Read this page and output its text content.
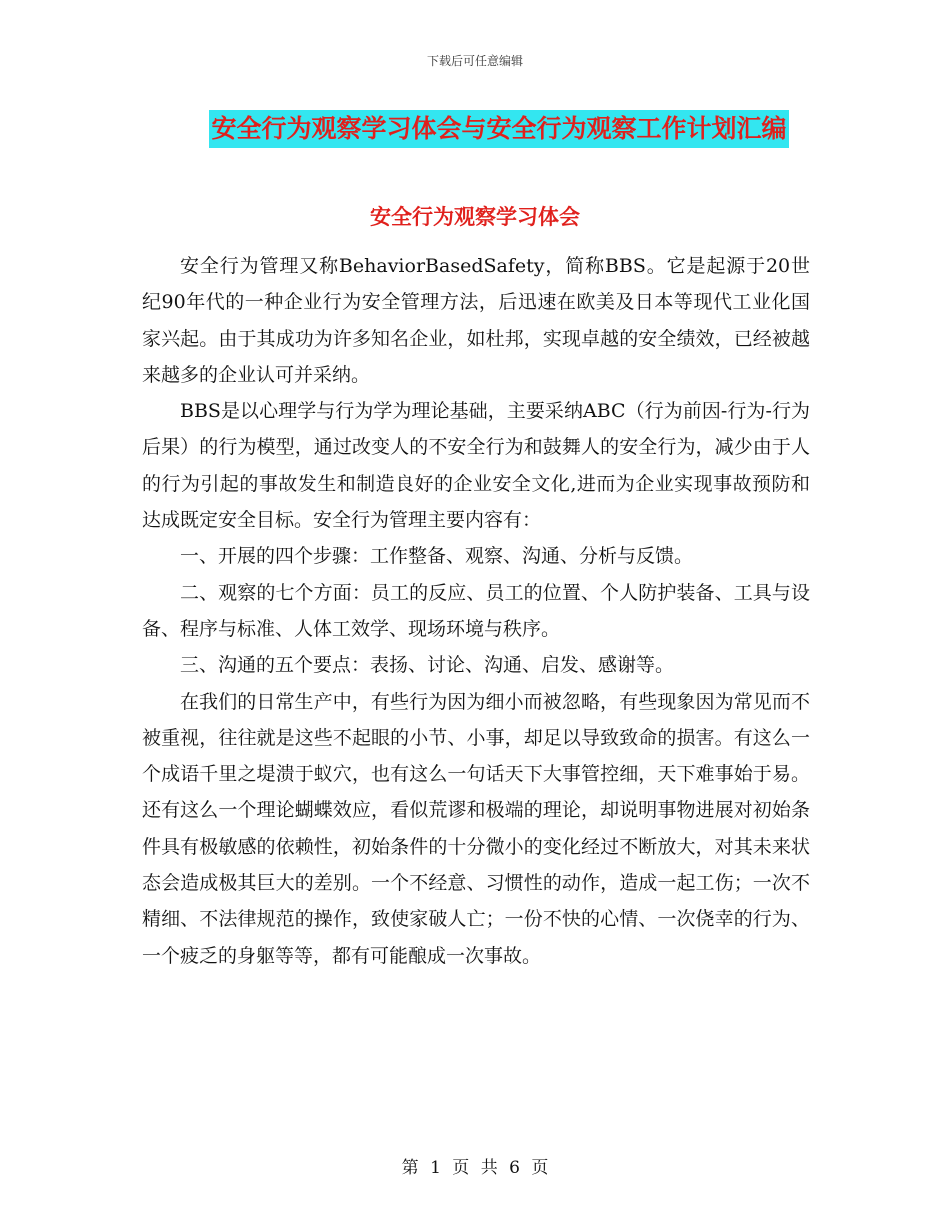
下载后可任意编辑
安全行为观察学习体会与安全行为观察工作计划汇编
安全行为观察学习体会

安全行为管理又称BehaviorBasedSafety，简称BBS。它是起源于20世纪90年代的一种企业行为安全管理方法，后迅速在欧美及日本等现代工业化国家兴起。由于其成功为许多知名企业，如杜邦，实现卓越的安全绩效，已经被越来越多的企业认可并采纳。

BBS是以心理学与行为学为理论基础，主要采纳ABC（行为前因-行为-行为后果）的行为模型，通过改变人的不安全行为和鼓舞人的安全行为，减少由于人的行为引起的事故发生和制造良好的企业安全文化,进而为企业实现事故预防和达成既定安全目标。安全行为管理主要内容有：

一、开展的四个步骤：工作整备、观察、沟通、分析与反馈。

二、观察的七个方面：员工的反应、员工的位置、个人防护装备、工具与设备、程序与标准、人体工效学、现场环境与秩序。

三、沟通的五个要点：表扬、讨论、沟通、启发、感谢等。

在我们的日常生产中，有些行为因为细小而被忽略，有些现象因为常见而不被重视，往往就是这些不起眼的小节、小事，却足以导致致命的损害。有这么一个成语千里之堤溃于蚁穴，也有这么一句话天下大事管控细，天下难事始于易。还有这么一个理论蝴蝶效应，看似荒谬和极端的理论，却说明事物进展对初始条件具有极敏感的依赖性，初始条件的十分微小的变化经过不断放大，对其未来状态会造成极其巨大的差别。一个不经意、习惯性的动作，造成一起工伤；一次不精细、不法律规范的操作，致使家破人亡；一份不快的心情、一次侥幸的行为、一个疲乏的身躯等等，都有可能酿成一次事故。

第 1 页 共 6 页
